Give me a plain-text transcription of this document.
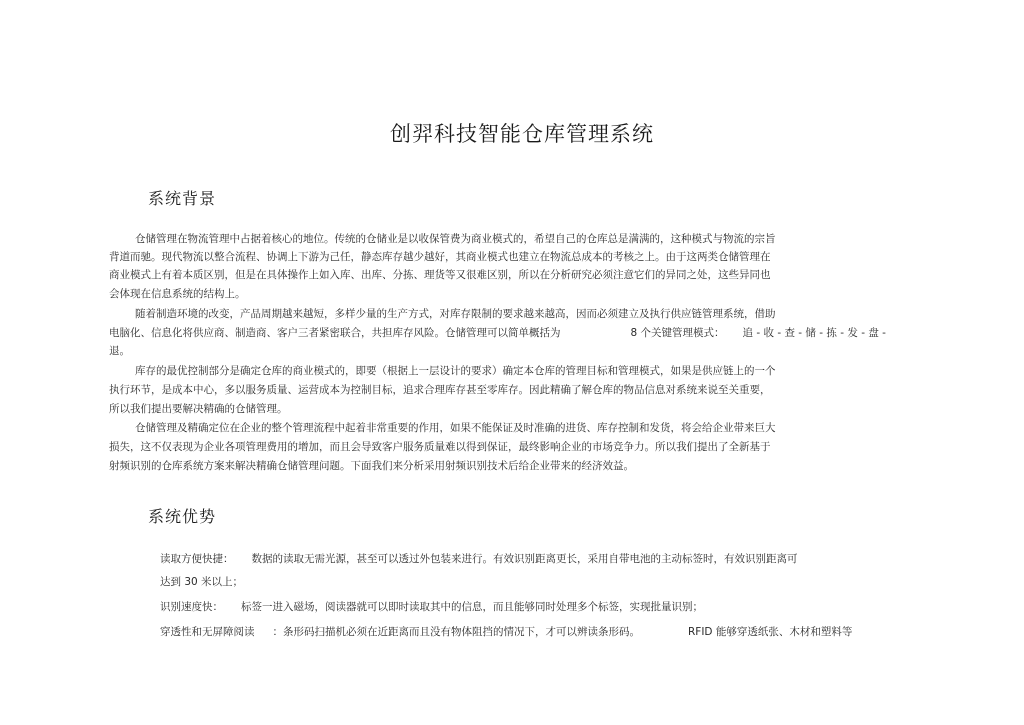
创羿科技智能仓库管理系统
系统背景
仓储管理在物流管理中占据着核心的地位。传统的仓储业是以收保管费为商业模式的，希望自己的仓库总是满满的，这种模式与物流的宗旨
背道而驰。现代物流以整合流程、协调上下游为己任，静态库存越少越好，其商业模式也建立在物流总成本的考核之上。由于这两类仓储管理在
商业模式上有着本质区别，但是在具体操作上如入库、出库、分拣、理货等又很难区别，所以在分析研究必须注意它们的异同之处，这些异同也
会体现在信息系统的结构上。
随着制造环境的改变，产品周期越来越短，多样少量的生产方式，对库存限制的要求越来越高，因而必须建立及执行供应链管理系统，借助
电脑化、信息化将供应商、制造商、客户三者紧密联合，共担库存风险。仓储管理可以简单概括为	8 个关键管理模式： 追 - 收 - 查 - 储 - 拣 - 发 - 盘 -
退。
库存的最优控制部分是确定仓库的商业模式的，即要（根据上一层设计的要求）确定本仓库的管理目标和管理模式，如果是供应链上的一个
执行环节，是成本中心，多以服务质量、运营成本为控制目标，追求合理库存甚至零库存。因此精确了解仓库的物品信息对系统来说至关重要，
所以我们提出要解决精确的仓储管理。
仓储管理及精确定位在企业的整个管理流程中起着非常重要的作用，如果不能保证及时准确的进货、库存控制和发货，将会给企业带来巨大
损失，这不仅表现为企业各项管理费用的增加，而且会导致客户服务质量难以得到保证，最终影响企业的市场竞争力。所以我们提出了全新基于
射频识别的仓库系统方案来解决精确仓储管理问题。下面我们来分析采用射频识别技术后给企业带来的经济效益。
系统优势
读取方便快捷： 数据的读取无需光源，甚至可以透过外包装来进行。有效识别距离更长，采用自带电池的主动标签时，有效识别距离可
达到 30 米以上；
识别速度快： 标签一进入磁场，阅读器就可以即时读取其中的信息，而且能够同时处理多个标签，实现批量识别；
穿透性和无屏障阅读 ：条形码扫描机必须在近距离而且没有物体阻挡的情况下，才可以辨读条形码。	RFID 能够穿透纸张、木材和塑料等
